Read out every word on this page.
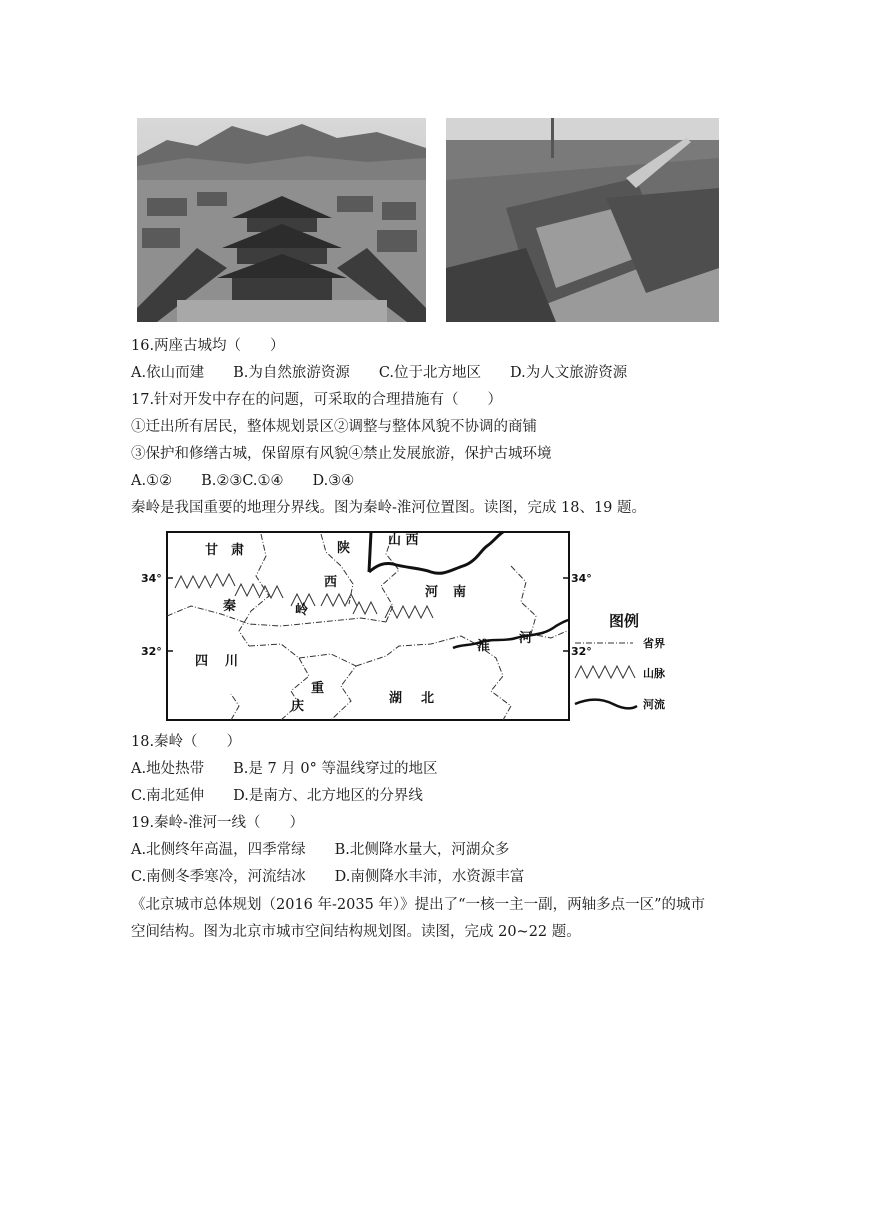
16.两座古城均（　　）
A.依山而建　　B.为自然旅游资源　　C.位于北方地区　　D.为人文旅游资源
17.针对开发中存在的问题，可采取的合理措施有（　　）
①迁出所有居民，整体规划景区②调整与整体风貌不协调的商铺
③保护和修缮古城，保留原有风貌④禁止发展旅游，保护古城环境
A.①②　　B.②③C.①④　　D.③④
秦岭是我国重要的地理分界线。图为秦岭-淮河位置图。读图，完成 18、19 题。
甘 肃	陕
西
山 西
河 南
四 川
重
庆
湖 北
秦	岭
淮
河
34°	34°
32°	32°
图例
省界
山脉
河流
18.秦岭（　　）
A.地处热带　　B.是 7 月 0° 等温线穿过的地区
C.南北延伸　　D.是南方、北方地区的分界线
19.秦岭-淮河一线（　　）
A.北侧终年高温，四季常绿　　B.北侧降水量大，河湖众多
C.南侧冬季寒冷，河流结冰　　D.南侧降水丰沛，水资源丰富
《北京城市总体规划（2016 年-2035 年）》提出了“一核一主一副，两轴多点一区”的城市
空间结构。图为北京市城市空间结构规划图。读图，完成 20~22 题。
